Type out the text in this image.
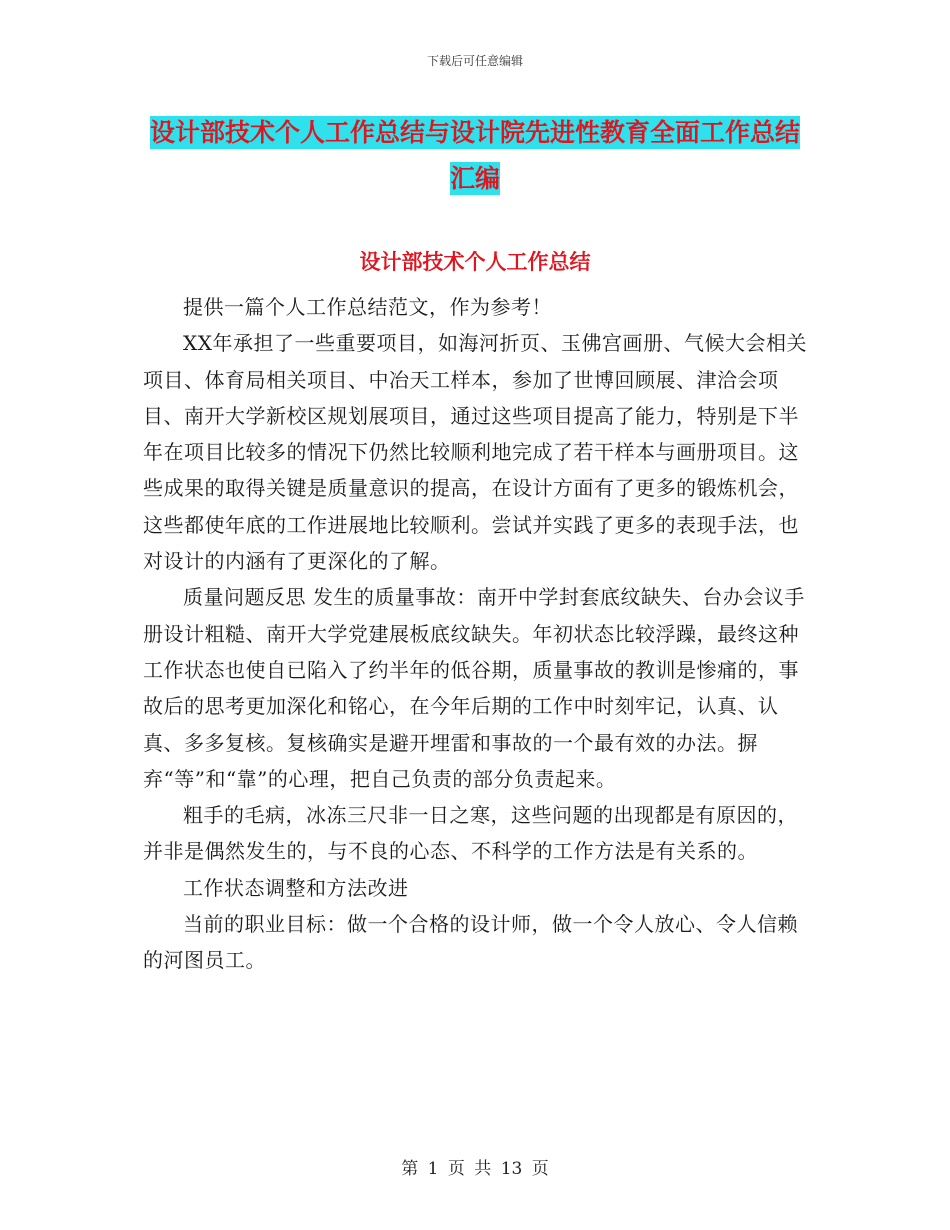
下载后可任意编辑
设计部技术个人工作总结与设计院先进性教育全面工作总结汇编
设计部技术个人工作总结

提供一篇个人工作总结范文，作为参考！

XX年承担了一些重要项目，如海河折页、玉佛宫画册、气候大会相关项目、体育局相关项目、中冶天工样本，参加了世博回顾展、津洽会项目、南开大学新校区规划展项目，通过这些项目提高了能力，特别是下半年在项目比较多的情况下仍然比较顺利地完成了若干样本与画册项目。这些成果的取得关键是质量意识的提高，在设计方面有了更多的锻炼机会，这些都使年底的工作进展地比较顺利。尝试并实践了更多的表现手法，也对设计的内涵有了更深化的了解。

质量问题反思 发生的质量事故：南开中学封套底纹缺失、台办会议手册设计粗糙、南开大学党建展板底纹缺失。年初状态比较浮躁，最终这种工作状态也使自已陷入了约半年的低谷期，质量事故的教训是惨痛的，事故后的思考更加深化和铭心，在今年后期的工作中时刻牢记，认真、认真、多多复核。复核确实是避开埋雷和事故的一个最有效的办法。摒弃“等”和“靠”的心理，把自己负责的部分负责起来。

粗手的毛病，冰冻三尺非一日之寒，这些问题的出现都是有原因的，并非是偶然发生的，与不良的心态、不科学的工作方法是有关系的。

工作状态调整和方法改进

当前的职业目标：做一个合格的设计师，做一个令人放心、令人信赖的河图员工。

第 1 页 共 13 页
